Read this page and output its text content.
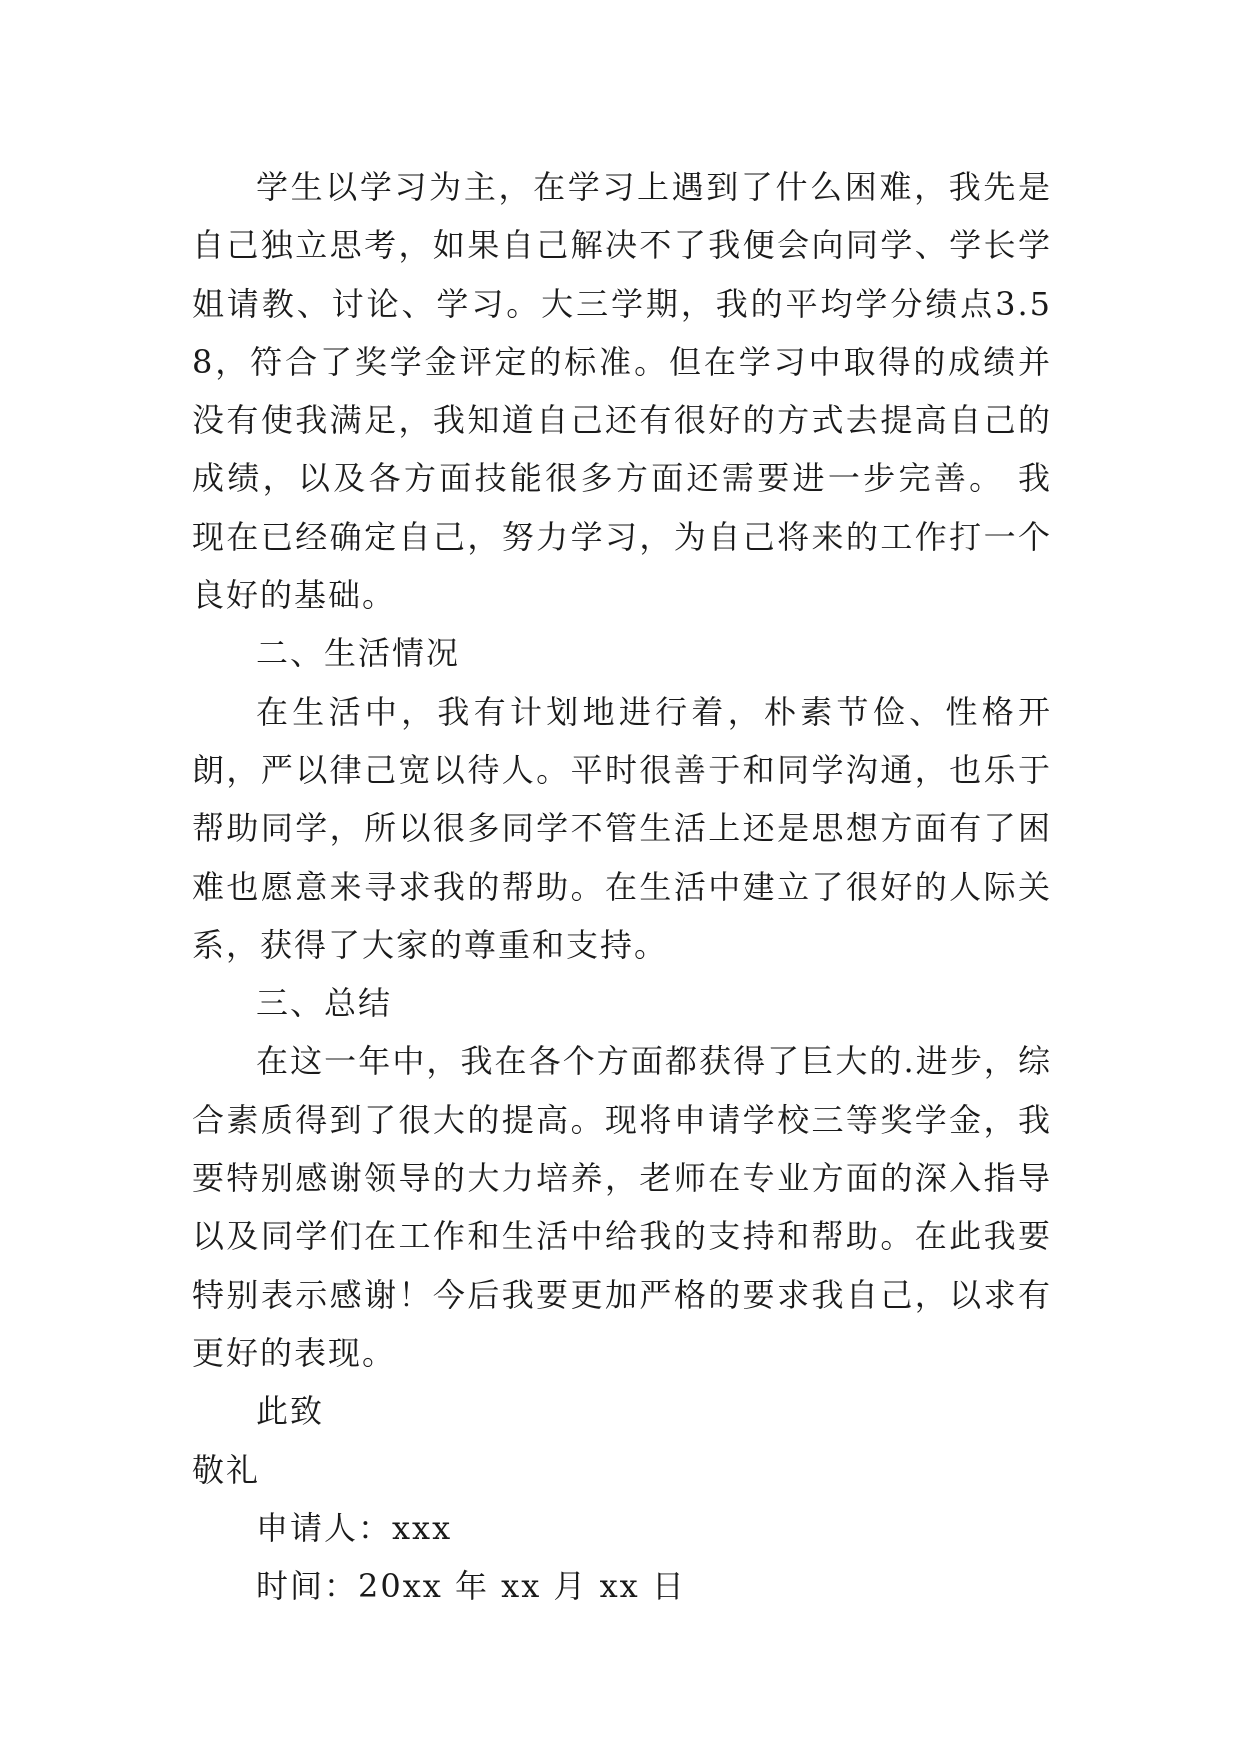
学生以学习为主，在学习上遇到了什么困难，我先是自己独立思考，如果自己解决不了我便会向同学、学长学姐请教、讨论、学习。大三学期，我的平均学分绩点3.58，符合了奖学金评定的标准。但在学习中取得的成绩并没有使我满足，我知道自己还有很好的方式去提高自己的成绩，以及各方面技能很多方面还需要进一步完善。 我现在已经确定自己，努力学习，为自己将来的工作打一个良好的基础。

二、生活情况

在生活中，我有计划地进行着，朴素节俭、性格开朗，严以律己宽以待人。平时很善于和同学沟通，也乐于帮助同学，所以很多同学不管生活上还是思想方面有了困难也愿意来寻求我的帮助。在生活中建立了很好的人际关系，获得了大家的尊重和支持。

三、总结

在这一年中，我在各个方面都获得了巨大的.进步，综合素质得到了很大的提高。现将申请学校三等奖学金，我要特别感谢领导的大力培养，老师在专业方面的深入指导以及同学们在工作和生活中给我的支持和帮助。在此我要特别表示感谢！今后我要更加严格的要求我自己，以求有更好的表现。

此致

敬礼

申请人：xxx

时间：20xx 年 xx 月 xx 日
